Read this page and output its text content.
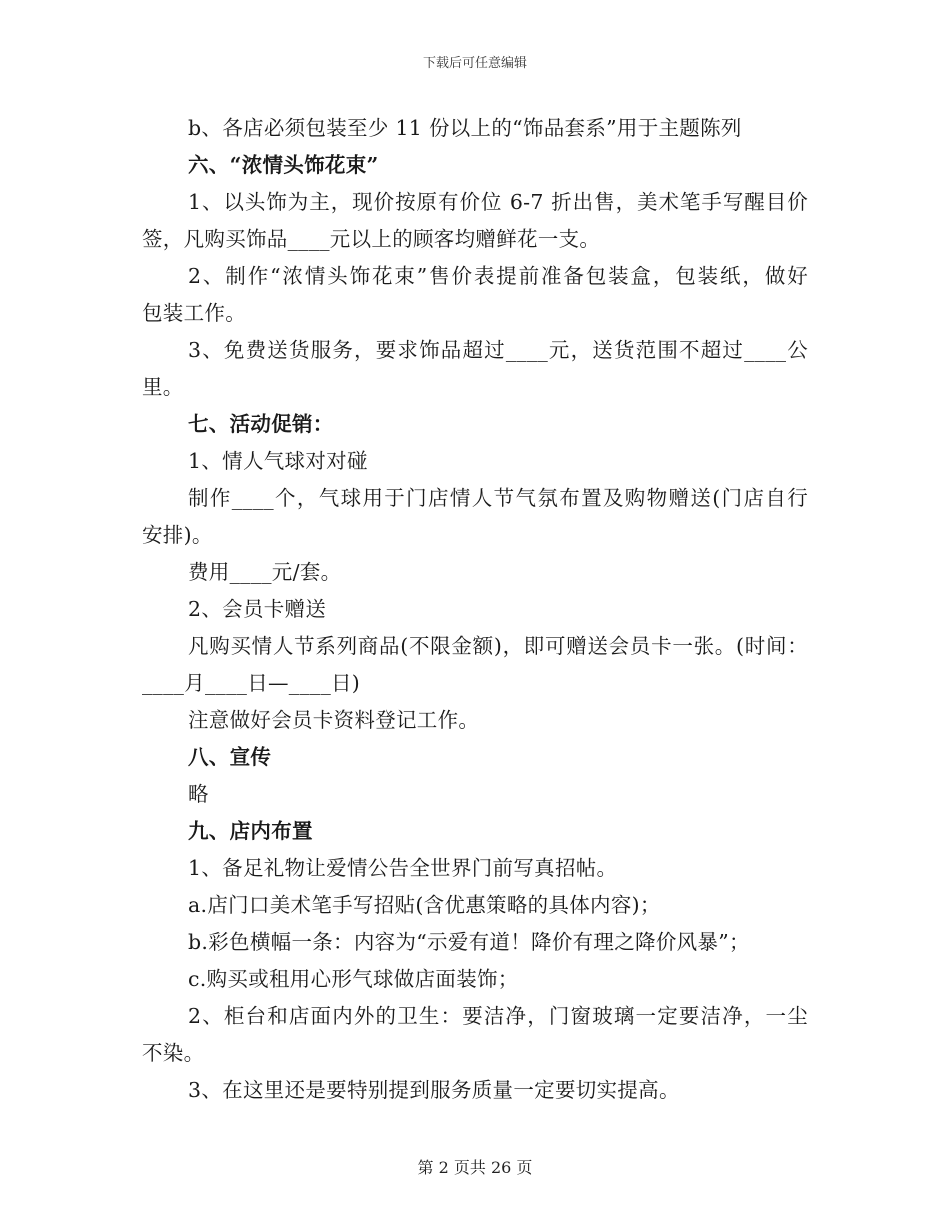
下载后可任意编辑
b、各店必须包装至少 11 份以上的“饰品套系”用于主题陈列
六、“浓情头饰花束”
1、以头饰为主，现价按原有价位 6-7 折出售，美术笔手写醒目价
签，凡购买饰品____元以上的顾客均赠鲜花一支。
2、制作“浓情头饰花束”售价表提前准备包装盒，包装纸，做好
包装工作。
3、免费送货服务，要求饰品超过____元，送货范围不超过____公
里。
七、活动促销：
1、情人气球对对碰
制作____个，气球用于门店情人节气氛布置及购物赠送(门店自行
安排)。
费用____元/套。
2、会员卡赠送
凡购买情人节系列商品(不限金额)，即可赠送会员卡一张。(时间：
____月____日—____日)
注意做好会员卡资料登记工作。
八、宣传
略
九、店内布置
1、备足礼物让爱情公告全世界门前写真招帖。
a.店门口美术笔手写招贴(含优惠策略的具体内容)；
b.彩色横幅一条：内容为“示爱有道！降价有理之降价风暴”；
c.购买或租用心形气球做店面装饰；
2、柜台和店面内外的卫生：要洁净，门窗玻璃一定要洁净，一尘
不染。
3、在这里还是要特别提到服务质量一定要切实提高。
第 2 页共 26 页
